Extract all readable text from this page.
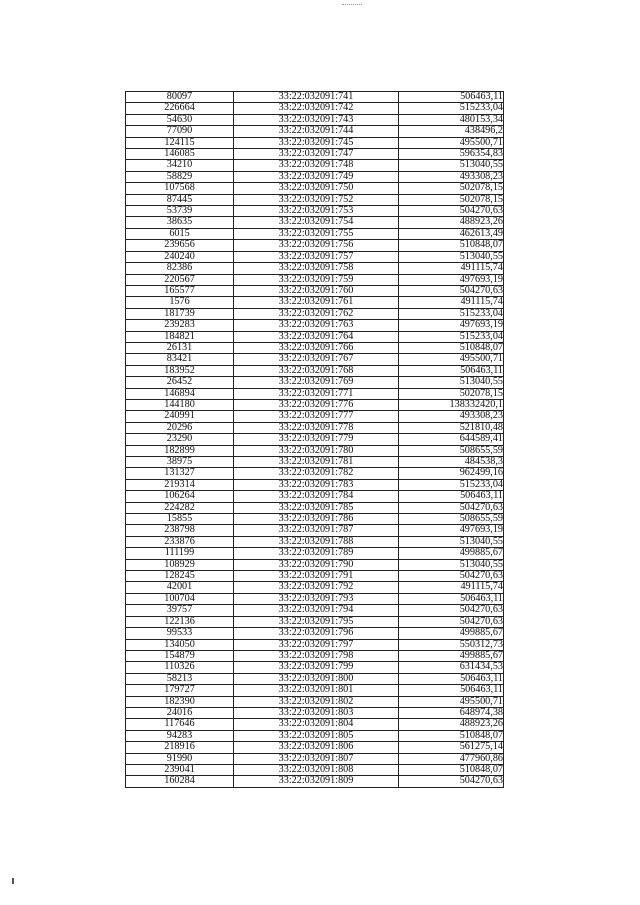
80097	33:22:032091:741	506463,11
226664	33:22:032091:742	515233,04
54630	33:22:032091:743	480153,34
77090	33:22:032091:744	438496,2
124115	33:22:032091:745	495500,71
146085	33:22:032091:747	596354,83
34210	33:22:032091:748	513040,55
58829	33:22:032091:749	493308,23
107568	33:22:032091:750	502078,15
87445	33:22:032091:752	502078,15
53739	33:22:032091:753	504270,63
38635	33:22:032091:754	488923,26
6015	33:22:032091:755	462613,49
239656	33:22:032091:756	510848,07
240240	33:22:032091:757	513040,55
82386	33:22:032091:758	491115,74
220567	33:22:032091:759	497693,19
165577	33:22:032091:760	504270,63
1576	33:22:032091:761	491115,74
181739	33:22:032091:762	515233,04
239283	33:22:032091:763	497693,19
184821	33:22:032091:764	515233,04
26131	33:22:032091:766	510848,07
83421	33:22:032091:767	495500,71
183952	33:22:032091:768	506463,11
26452	33:22:032091:769	513040,55
146894	33:22:032091:771	502078,15
144180	33:22:032091:776	138332420,1
240991	33:22:032091:777	493308,23
20296	33:22:032091:778	521810,48
23290	33:22:032091:779	644589,41
182899	33:22:032091:780	508655,59
38975	33:22:032091:781	484538,3
131327	33:22:032091:782	962499,16
219314	33:22:032091:783	515233,04
106264	33:22:032091:784	506463,11
224282	33:22:032091:785	504270,63
15855	33:22:032091:786	508655,59
238798	33:22:032091:787	497693,19
233876	33:22:032091:788	513040,55
111199	33:22:032091:789	499885,67
108929	33:22:032091:790	513040,55
128245	33:22:032091:791	504270,63
42001	33:22:032091:792	491115,74
100704	33:22:032091:793	506463,11
39757	33:22:032091:794	504270,63
122136	33:22:032091:795	504270,63
99533	33:22:032091:796	499885,67
134050	33:22:032091:797	550312,73
154879	33:22:032091:798	499885,67
110326	33:22:032091:799	631434,53
58213	33:22:032091:800	506463,11
179727	33:22:032091:801	506463,11
182390	33:22:032091:802	495500,71
24016	33:22:032091:803	648974,38
117646	33:22:032091:804	488923,26
94283	33:22:032091:805	510848,07
218916	33:22:032091:806	561275,14
91990	33:22:032091:807	477960,86
239041	33:22:032091:808	510848,07
160284	33:22:032091:809	504270,63
